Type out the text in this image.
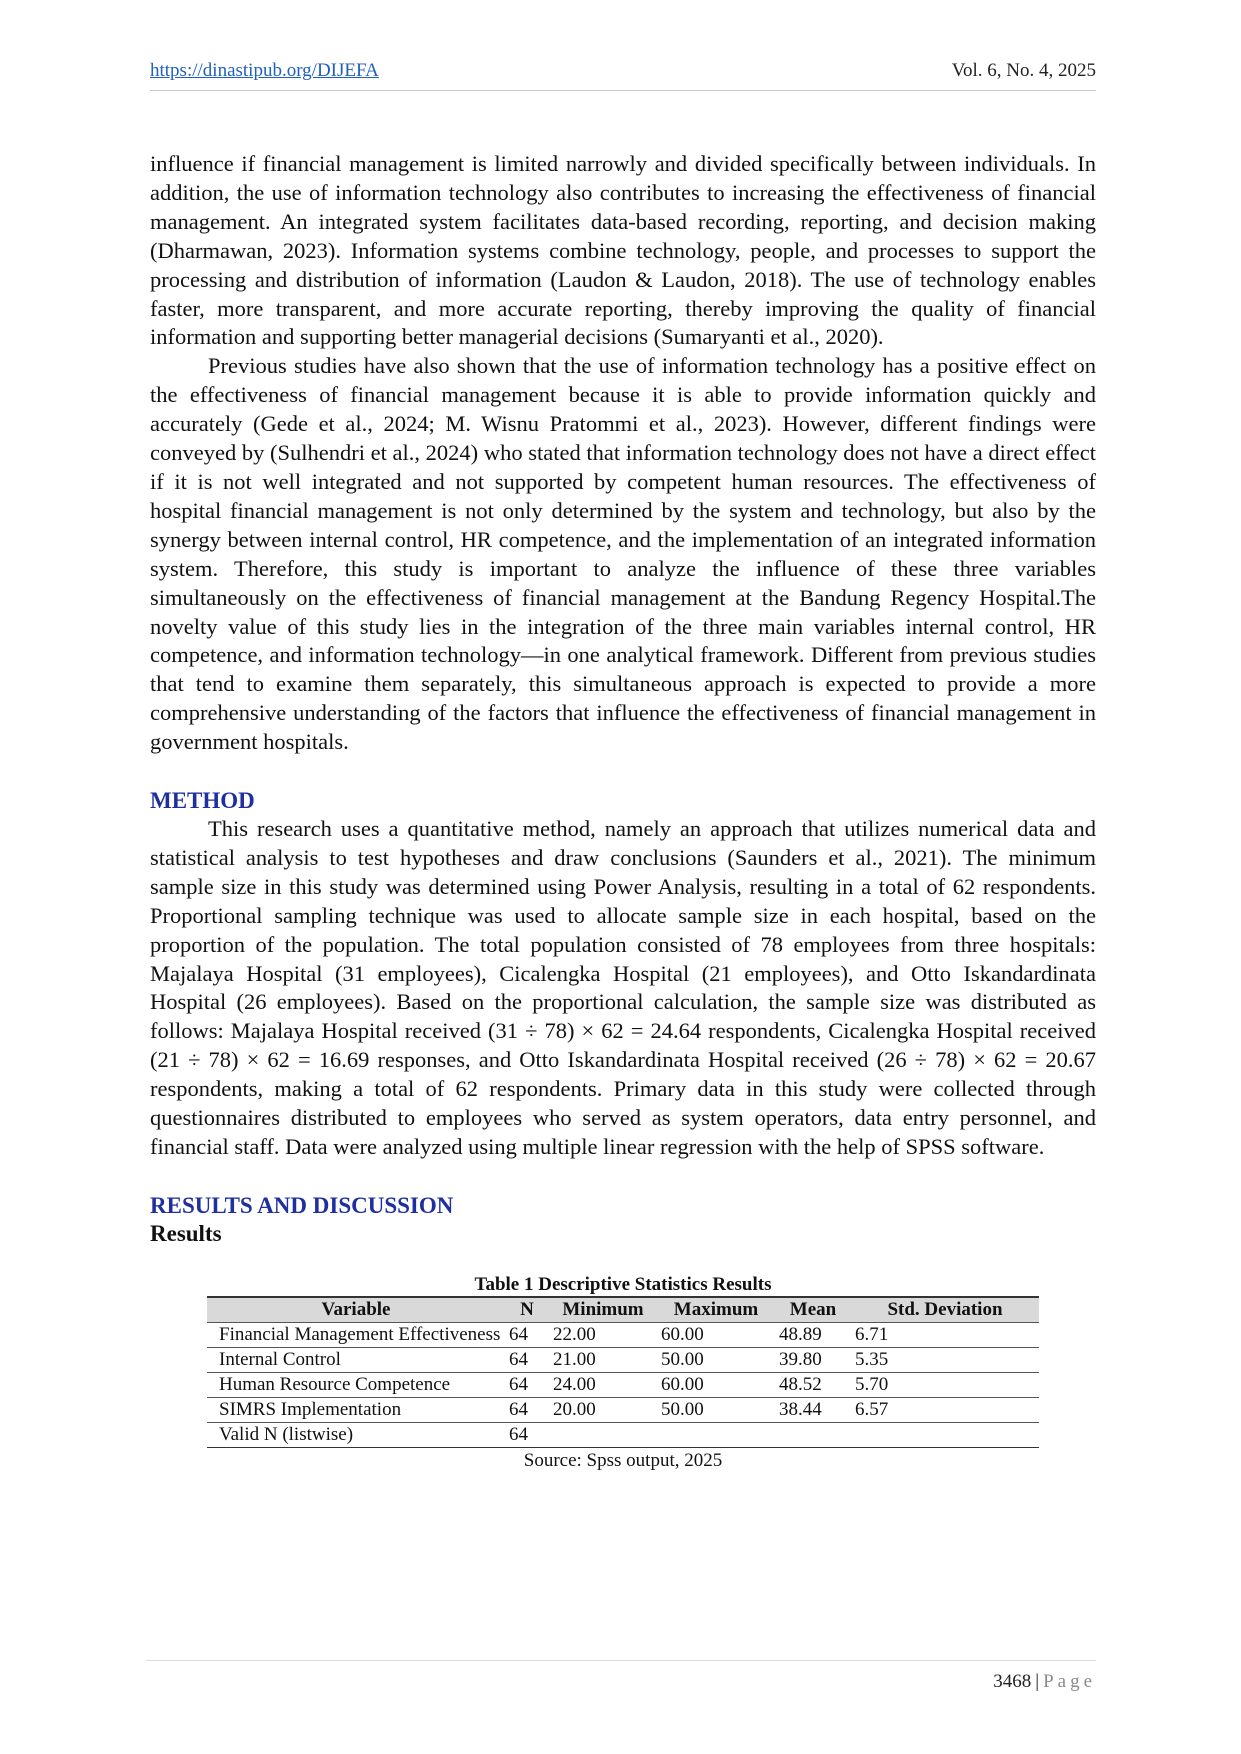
https://dinastipub.org/DIJEFA	Vol. 6, No. 4, 2025

influence if financial management is limited narrowly and divided specifically between individuals. In addition, the use of information technology also contributes to increasing the effectiveness of financial management. An integrated system facilitates data-based recording, reporting, and decision making (Dharmawan, 2023). Information systems combine technology, people, and processes to support the processing and distribution of information (Laudon & Laudon, 2018). The use of technology enables faster, more transparent, and more accurate reporting, thereby improving the quality of financial information and supporting better managerial decisions (Sumaryanti et al., 2020).

Previous studies have also shown that the use of information technology has a positive effect on the effectiveness of financial management because it is able to provide information quickly and accurately (Gede et al., 2024; M. Wisnu Pratommi et al., 2023). However, different findings were conveyed by (Sulhendri et al., 2024) who stated that information technology does not have a direct effect if it is not well integrated and not supported by competent human resources. The effectiveness of hospital financial management is not only determined by the system and technology, but also by the synergy between internal control, HR competence, and the implementation of an integrated information system. Therefore, this study is important to analyze the influence of these three variables simultaneously on the effectiveness of financial management at the Bandung Regency Hospital.The novelty value of this study lies in the integration of the three main variables internal control, HR competence, and information technology—in one analytical framework. Different from previous studies that tend to examine them separately, this simultaneous approach is expected to provide a more comprehensive understanding of the factors that influence the effectiveness of financial management in government hospitals.

METHOD

This research uses a quantitative method, namely an approach that utilizes numerical data and statistical analysis to test hypotheses and draw conclusions (Saunders et al., 2021). The minimum sample size in this study was determined using Power Analysis, resulting in a total of 62 respondents. Proportional sampling technique was used to allocate sample size in each hospital, based on the proportion of the population. The total population consisted of 78 employees from three hospitals: Majalaya Hospital (31 employees), Cicalengka Hospital (21 employees), and Otto Iskandardinata Hospital (26 employees). Based on the proportional calculation, the sample size was distributed as follows: Majalaya Hospital received (31 ÷ 78) × 62 = 24.64 respondents, Cicalengka Hospital received (21 ÷ 78) × 62 = 16.69 responses, and Otto Iskandardinata Hospital received (26 ÷ 78) × 62 = 20.67 respondents, making a total of 62 respondents. Primary data in this study were collected through questionnaires distributed to employees who served as system operators, data entry personnel, and financial staff. Data were analyzed using multiple linear regression with the help of SPSS software.

RESULTS AND DISCUSSION
Results
Table 1 Descriptive Statistics Results
Variable	N	Minimum	Maximum	Mean	Std. Deviation
Financial Management Effectiveness	64	22.00	60.00	48.89	6.71
Internal Control	64	21.00	50.00	39.80	5.35
Human Resource Competence	64	24.00	60.00	48.52	5.70
SIMRS Implementation	64	20.00	50.00	38.44	6.57
Valid N (listwise)	64				
Source: Spss output, 2025
3468 | Page
